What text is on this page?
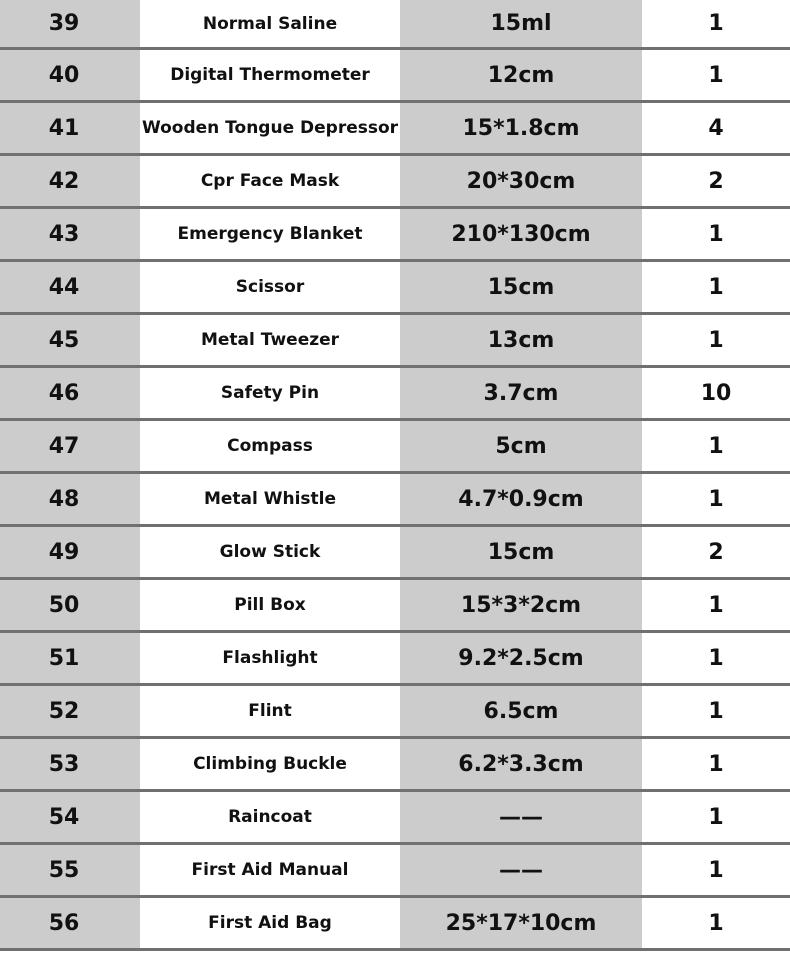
39	Normal Saline	15ml	1
40	Digital Thermometer	12cm	1
41	Wooden Tongue Depressor	15*1.8cm	4
42	Cpr Face Mask	20*30cm	2
43	Emergency Blanket	210*130cm	1
44	Scissor	15cm	1
45	Metal Tweezer	13cm	1
46	Safety Pin	3.7cm	10
47	Compass	5cm	1
48	Metal Whistle	4.7*0.9cm	1
49	Glow Stick	15cm	2
50	Pill Box	15*3*2cm	1
51	Flashlight	9.2*2.5cm	1
52	Flint	6.5cm	1
53	Climbing Buckle	6.2*3.3cm	1
54	Raincoat	——	1
55	First Aid Manual	——	1
56	First Aid Bag	25*17*10cm	1
